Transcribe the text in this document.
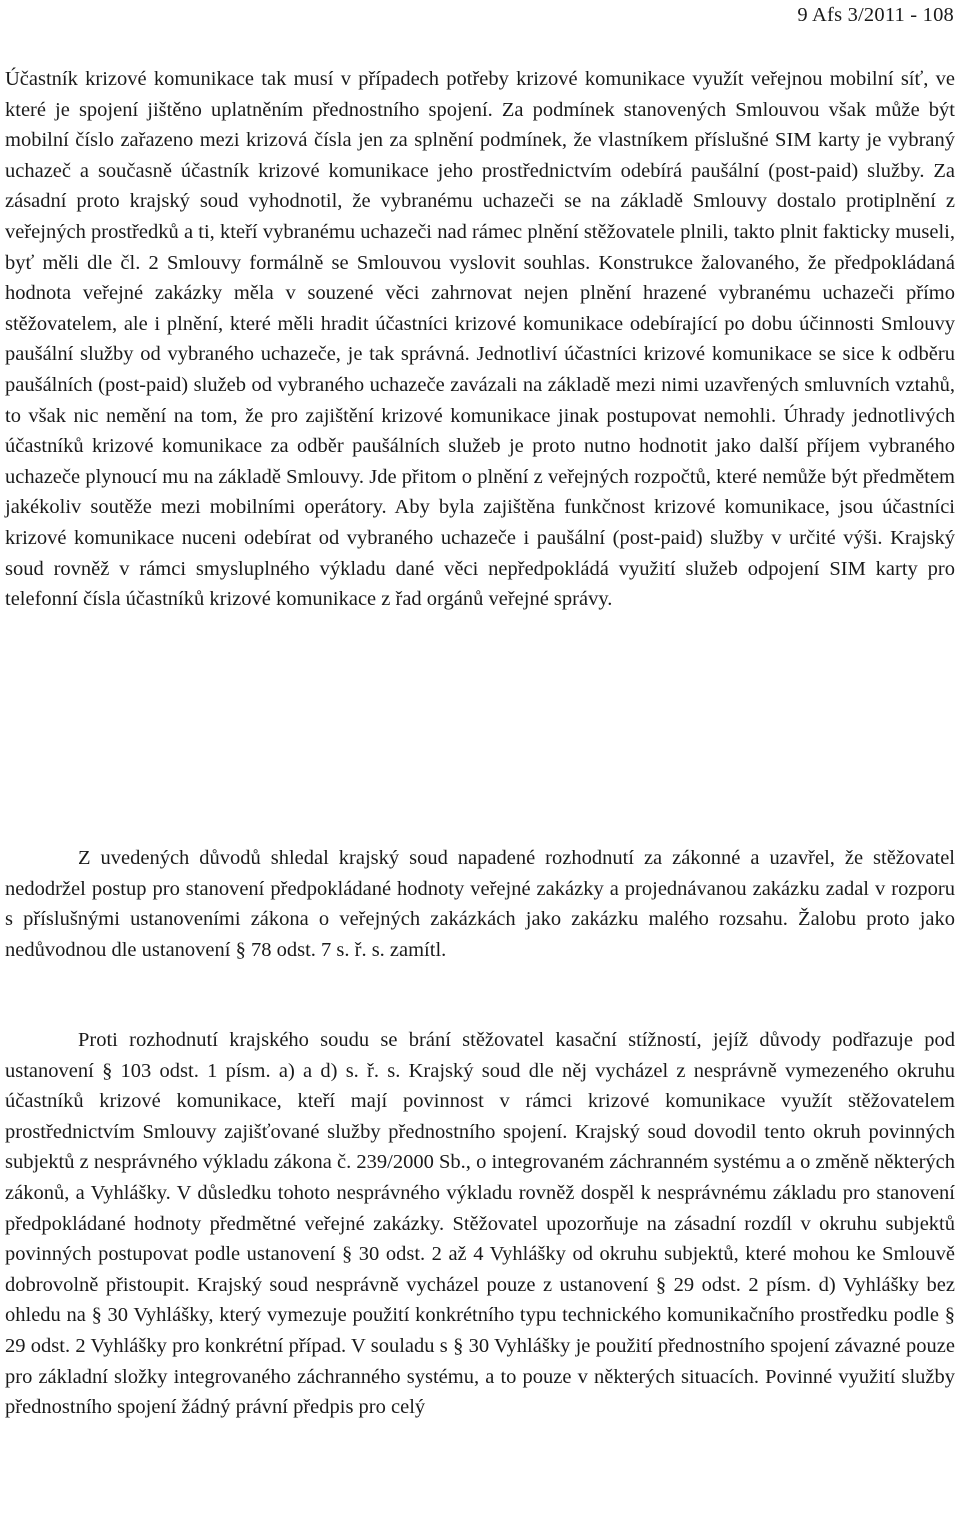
9 Afs 3/2011 - 108

Účastník krizové komunikace tak musí v případech potřeby krizové komunikace využít veřejnou mobilní síť, ve které je spojení jištěno uplatněním přednostního spojení. Za podmínek stanovených Smlouvou však může být mobilní číslo zařazeno mezi krizová čísla jen za splnění podmínek, že vlastníkem příslušné SIM karty je vybraný uchazeč a současně účastník krizové komunikace jeho prostřednictvím odebírá paušální (post-paid) služby. Za zásadní proto krajský soud vyhodnotil, že vybranému uchazeči se na základě Smlouvy dostalo protiplnění z veřejných prostředků a ti, kteří vybranému uchazeči nad rámec plnění stěžovatele plnili, takto plnit fakticky museli, byť měli dle čl. 2 Smlouvy formálně se Smlouvou vyslovit souhlas. Konstrukce žalovaného, že předpokládaná hodnota veřejné zakázky měla v souzené věci zahrnovat nejen plnění hrazené vybranému uchazeči přímo stěžovatelem, ale i plnění, které měli hradit účastníci krizové komunikace odebírající po dobu účinnosti Smlouvy paušální služby od vybraného uchazeče, je tak správná. Jednotliví účastníci krizové komunikace se sice k odběru paušálních (post-paid) služeb od vybraného uchazeče zavázali na základě mezi nimi uzavřených smluvních vztahů, to však nic nemění na tom, že pro zajištění krizové komunikace jinak postupovat nemohli. Úhrady jednotlivých účastníků krizové komunikace za odběr paušálních služeb je proto nutno hodnotit jako další příjem vybraného uchazeče plynoucí mu na základě Smlouvy. Jde přitom o plnění z veřejných rozpočtů, které nemůže být předmětem jakékoliv soutěže mezi mobilními operátory. Aby byla zajištěna funkčnost krizové komunikace, jsou účastníci krizové komunikace nuceni odebírat od vybraného uchazeče i paušální (post-paid) služby v určité výši. Krajský soud rovněž v rámci smysluplného výkladu dané věci nepředpokládá využití služeb odpojení SIM karty pro telefonní čísla účastníků krizové komunikace z řad orgánů veřejné správy.

Z uvedených důvodů shledal krajský soud napadené rozhodnutí za zákonné a uzavřel, že stěžovatel nedodržel postup pro stanovení předpokládané hodnoty veřejné zakázky a projednávanou zakázku zadal v rozporu s příslušnými ustanoveními zákona o veřejných zakázkách jako zakázku malého rozsahu. Žalobu proto jako nedůvodnou dle ustanovení § 78 odst. 7 s. ř. s. zamítl.

Proti rozhodnutí krajského soudu se brání stěžovatel kasační stížností, jejíž důvody podřazuje pod ustanovení § 103 odst. 1 písm. a) a d) s. ř. s. Krajský soud dle něj vycházel z nesprávně vymezeného okruhu účastníků krizové komunikace, kteří mají povinnost v rámci krizové komunikace využít stěžovatelem prostřednictvím Smlouvy zajišťované služby přednostního spojení. Krajský soud dovodil tento okruh povinných subjektů z nesprávného výkladu zákona č. 239/2000 Sb., o integrovaném záchranném systému a o změně některých zákonů, a Vyhlášky. V důsledku tohoto nesprávného výkladu rovněž dospěl k nesprávnému základu pro stanovení předpokládané hodnoty předmětné veřejné zakázky. Stěžovatel upozorňuje na zásadní rozdíl v okruhu subjektů povinných postupovat podle ustanovení § 30 odst. 2 až 4 Vyhlášky od okruhu subjektů, které mohou ke Smlouvě dobrovolně přistoupit. Krajský soud nesprávně vycházel pouze z ustanovení § 29 odst. 2 písm. d) Vyhlášky bez ohledu na § 30 Vyhlášky, který vymezuje použití konkrétního typu technického komunikačního prostředku podle § 29 odst. 2 Vyhlášky pro konkrétní případ. V souladu s § 30 Vyhlášky je použití přednostního spojení závazné pouze pro základní složky integrovaného záchranného systému, a to pouze v některých situacích. Povinné využití služby přednostního spojení žádný právní předpis pro celý
